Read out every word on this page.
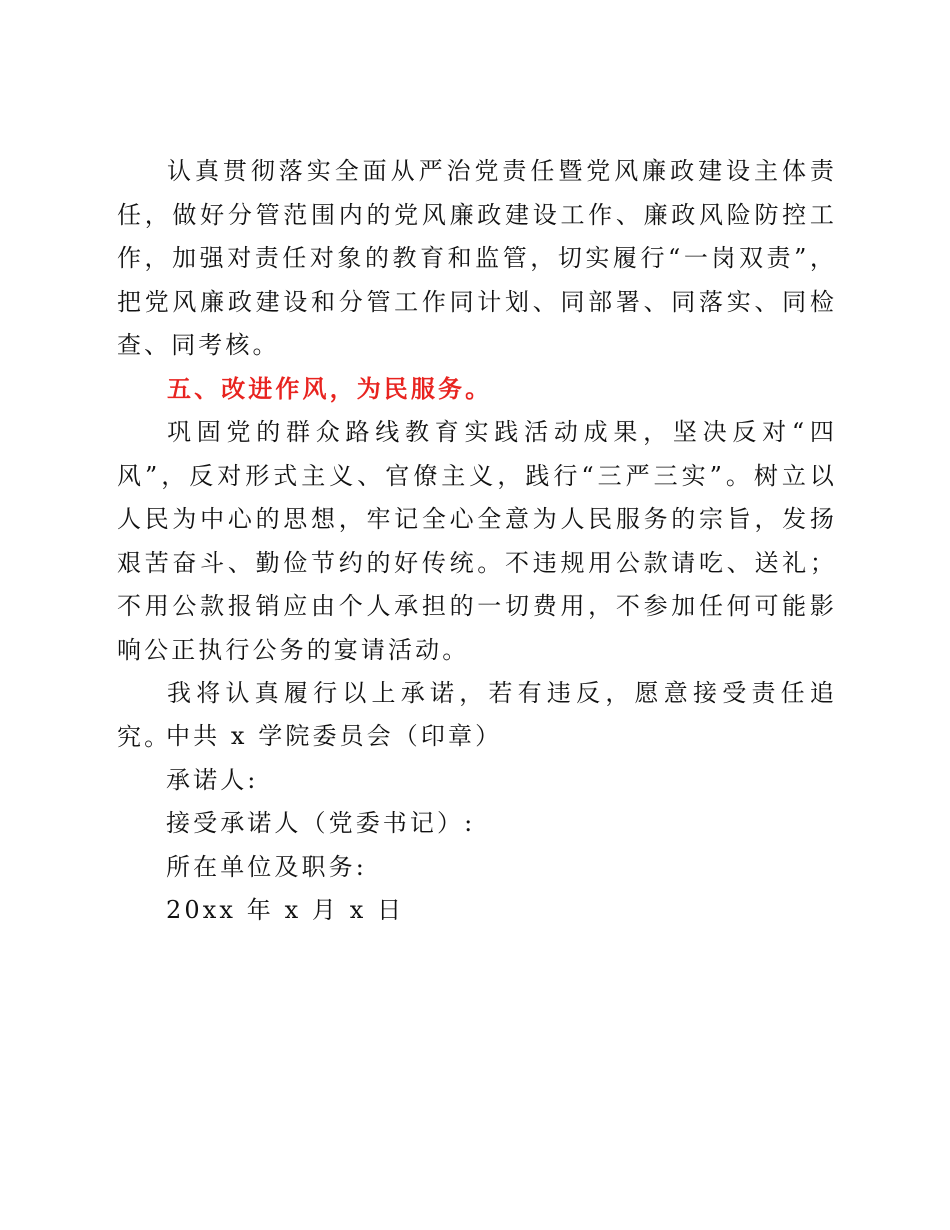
认真贯彻落实全面从严治党责任暨党风廉政建设主体责任，做好分管范围内的党风廉政建设工作、廉政风险防控工作，加强对责任对象的教育和监管，切实履行“一岗双责”，把党风廉政建设和分管工作同计划、同部署、同落实、同检查、同考核。

五、改进作风，为民服务。

巩固党的群众路线教育实践活动成果，坚决反对“四风”，反对形式主义、官僚主义，践行“三严三实”。树立以人民为中心的思想，牢记全心全意为人民服务的宗旨，发扬艰苦奋斗、勤俭节约的好传统。不违规用公款请吃、送礼；不用公款报销应由个人承担的一切费用，不参加任何可能影响公正执行公务的宴请活动。

我将认真履行以上承诺，若有违反，愿意接受责任追究。

中共 x 学院委员会（印章）

承诺人:

接受承诺人（党委书记）:

所在单位及职务:

20xx 年 x 月 x 日
